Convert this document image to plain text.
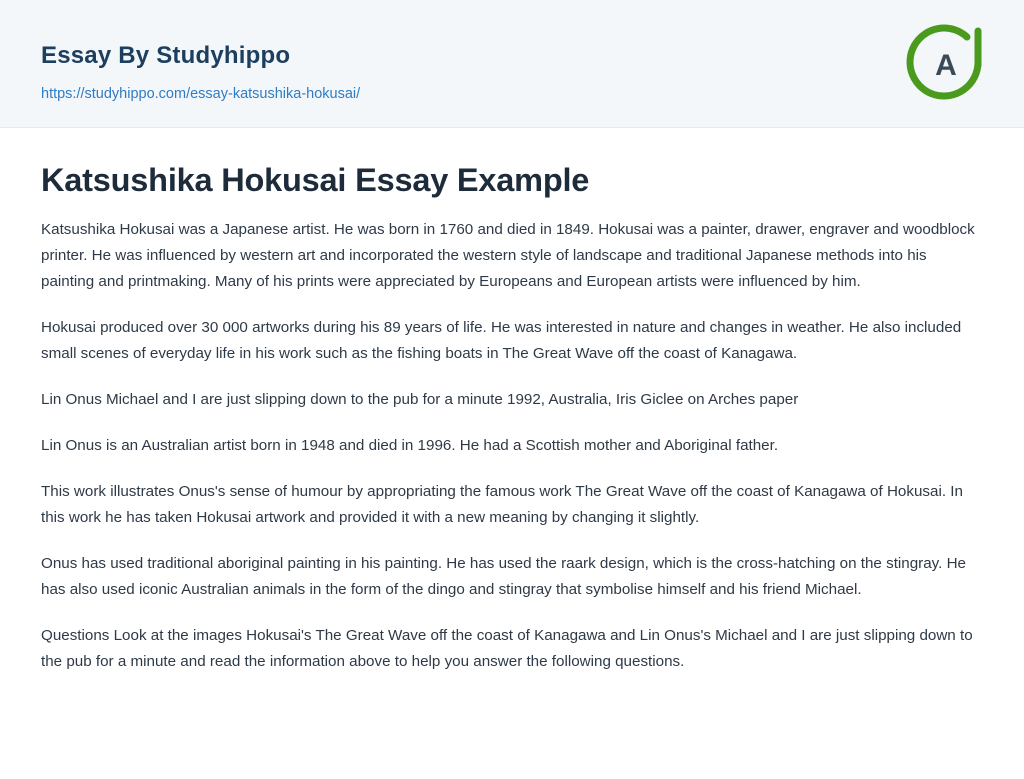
Essay By Studyhippo
https://studyhippo.com/essay-katsushika-hokusai/
A
Katsushika Hokusai Essay Example

Katsushika Hokusai was a Japanese artist. He was born in 1760 and died in 1849. Hokusai was a painter, drawer, engraver and woodblock printer. He was influenced by western art and incorporated the western style of landscape and traditional Japanese methods into his painting and printmaking. Many of his prints were appreciated by Europeans and European artists were influenced by him.

Hokusai produced over 30 000 artworks during his 89 years of life. He was interested in nature and changes in weather. He also included small scenes of everyday life in his work such as the fishing boats in The Great Wave off the coast of Kanagawa.

Lin Onus Michael and I are just slipping down to the pub for a minute 1992, Australia, Iris Giclee on Arches paper

Lin Onus is an Australian artist born in 1948 and died in 1996. He had a Scottish mother and Aboriginal father.

This work illustrates Onus's sense of humour by appropriating the famous work The Great Wave off the coast of Kanagawa of Hokusai. In this work he has taken Hokusai artwork and provided it with a new meaning by changing it slightly.

Onus has used traditional aboriginal painting in his painting. He has used the raark design, which is the cross-hatching on the stingray. He has also used iconic Australian animals in the form of the dingo and stingray that symbolise himself and his friend Michael.

Questions Look at the images Hokusai's The Great Wave off the coast of Kanagawa and Lin Onus's Michael and I are just slipping down to the pub for a minute and read the information above to help you answer the following questions.
